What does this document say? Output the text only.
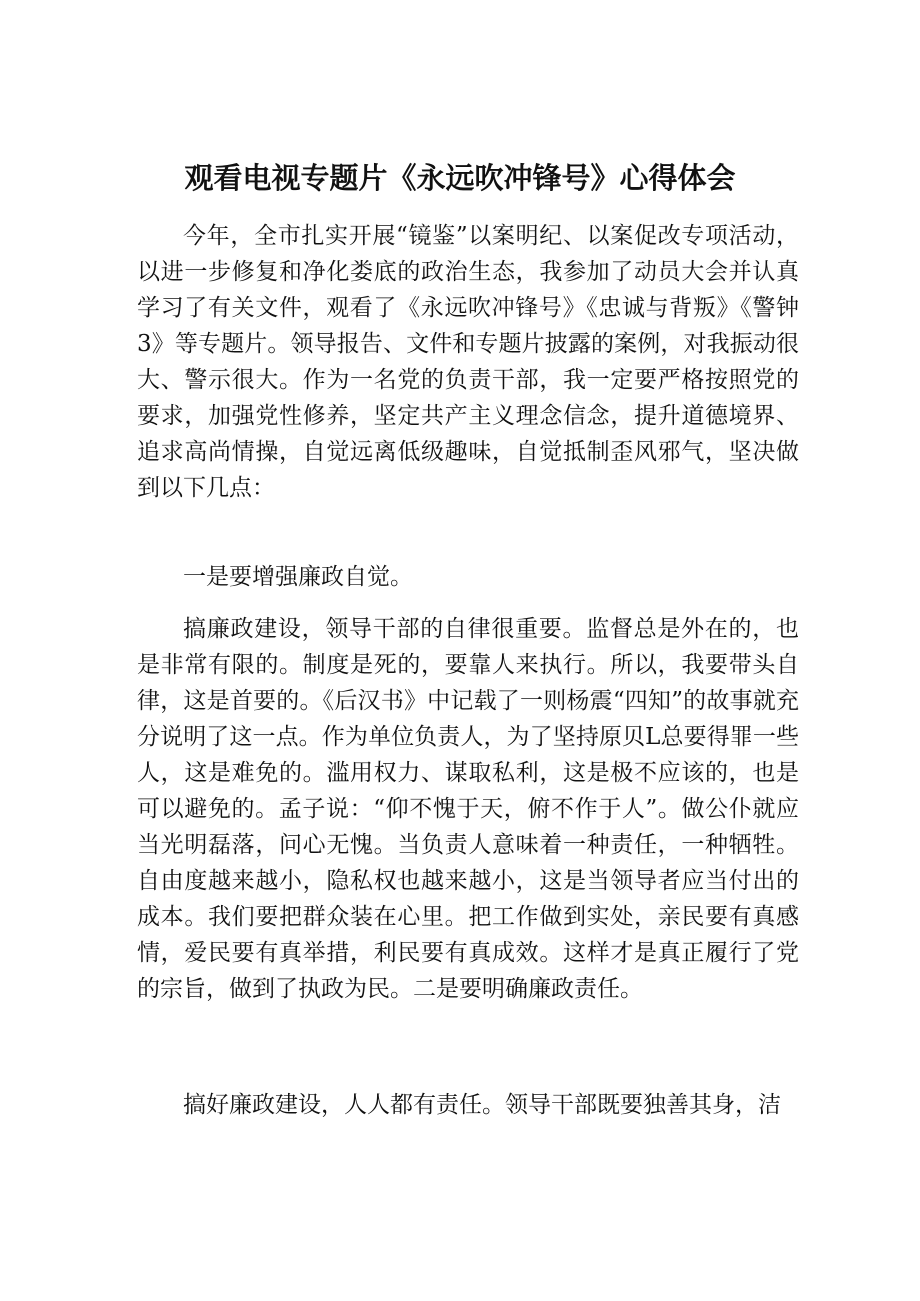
观看电视专题片《永远吹冲锋号》心得体会

今年，全市扎实开展“镜鉴”以案明纪、以案促改专项活动，以进一步修复和净化娄底的政治生态，我参加了动员大会并认真学习了有关文件，观看了《永远吹冲锋号》《忠诚与背叛》《警钟3》等专题片。领导报告、文件和专题片披露的案例，对我振动很大、警示很大。作为一名党的负责干部，我一定要严格按照党的要求，加强党性修养，坚定共产主义理念信念，提升道德境界、追求高尚情操，自觉远离低级趣味，自觉抵制歪风邪气，坚决做到以下几点：

一是要增强廉政自觉。

搞廉政建设，领导干部的自律很重要。监督总是外在的，也是非常有限的。制度是死的，要靠人来执行。所以，我要带头自律，这是首要的。《后汉书》中记载了一则杨震“四知”的故事就充分说明了这一点。作为单位负责人，为了坚持原贝L总要得罪一些人，这是难免的。滥用权力、谋取私利，这是极不应该的，也是可以避免的。孟子说：“仰不愧于天，俯不作于人”。做公仆就应当光明磊落，问心无愧。当负责人意味着一种责任，一种牺牲。自由度越来越小，隐私权也越来越小，这是当领导者应当付出的成本。我们要把群众装在心里。把工作做到实处，亲民要有真感情，爱民要有真举措，利民要有真成效。这样才是真正履行了党的宗旨，做到了执政为民。二是要明确廉政责任。

搞好廉政建设，人人都有责任。领导干部既要独善其身，洁
